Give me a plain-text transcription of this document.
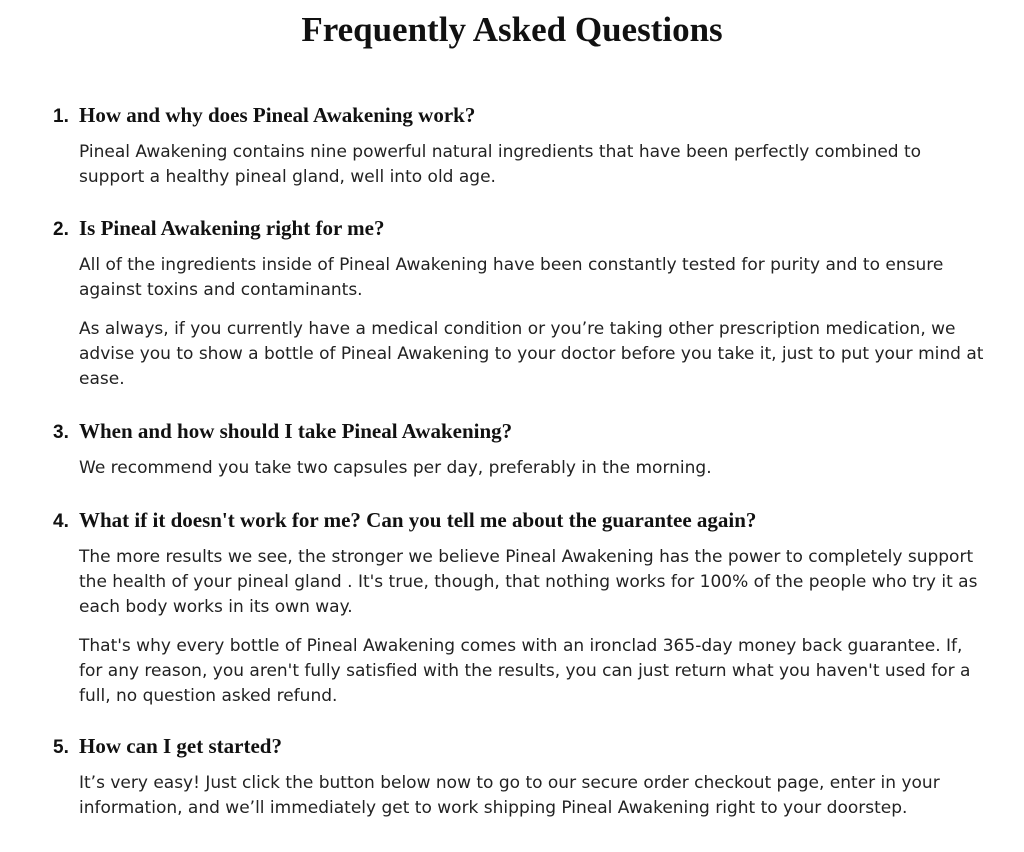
Frequently Asked Questions
1. How and why does Pineal Awakening work?

Pineal Awakening contains nine powerful natural ingredients that have been perfectly combined to support a healthy pineal gland, well into old age.

2. Is Pineal Awakening right for me?

All of the ingredients inside of Pineal Awakening have been constantly tested for purity and to ensure against toxins and contaminants.

As always, if you currently have a medical condition or you’re taking other prescription medication, we advise you to show a bottle of Pineal Awakening to your doctor before you take it, just to put your mind at ease.

3. When and how should I take Pineal Awakening?

We recommend you take two capsules per day, preferably in the morning.

4. What if it doesn't work for me? Can you tell me about the guarantee again?

The more results we see, the stronger we believe Pineal Awakening has the power to completely support the health of your pineal gland . It's true, though, that nothing works for 100% of the people who try it as each body works in its own way.

That's why every bottle of Pineal Awakening comes with an ironclad 365-day money back guarantee. If, for any reason, you aren't fully satisfied with the results, you can just return what you haven't used for a full, no question asked refund.

5. How can I get started?

It’s very easy! Just click the button below now to go to our secure order checkout page, enter in your information, and we’ll immediately get to work shipping Pineal Awakening right to your doorstep.
